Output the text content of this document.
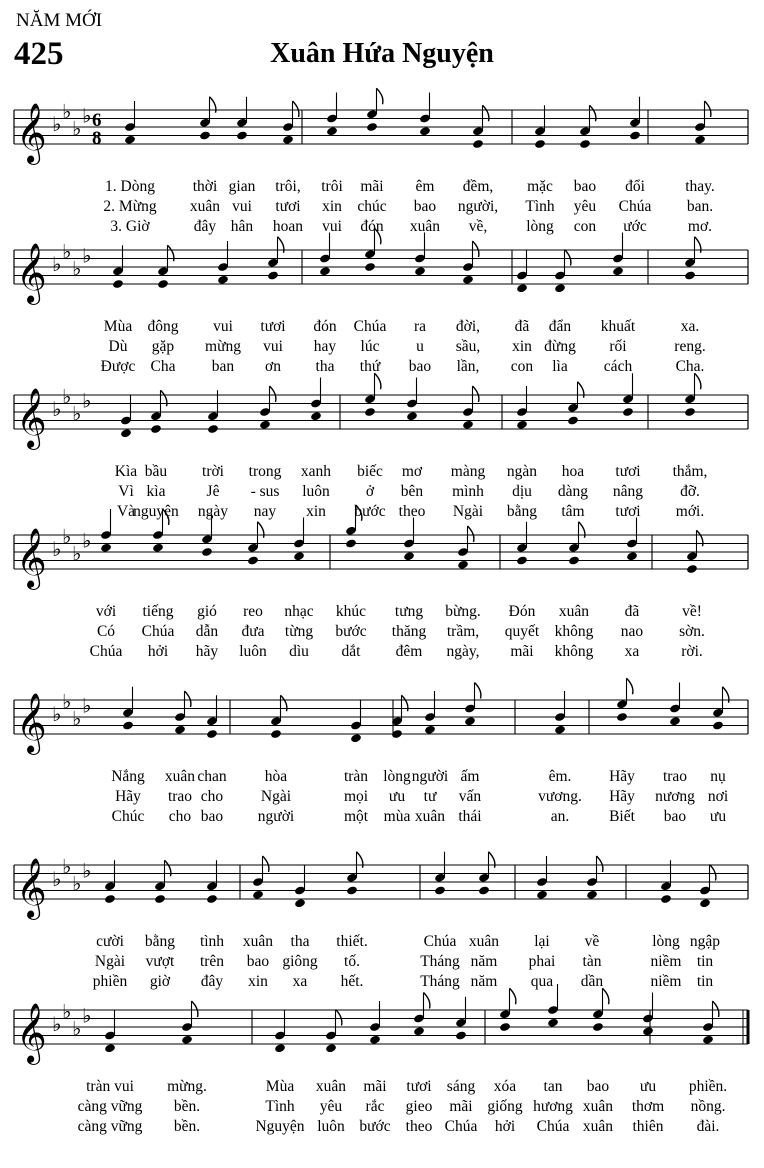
NĂM MỚI
425	Xuân Hứa Nguyện
𝄞 ♭
♭
♭
♭ 6
8
1. Dòng thời gian trôi, trôi mãi êm đềm, mặc bao đổi	thay.
2. Mừng xuân vui tươi xin chúc bao người, Tình yêu Chúa ban.
3. Giờ	đây hân hoan vui đón xuân về,	lòng con ước	mơ.
𝄞 ♭
♭
♭
♭
Mùa đông vui tươi đón Chúa ra đời, đã đẩn khuất	xa.
Dù gặp mừng vui hay lúc u sầu, xin đừng rối	reng.
Được Cha ban ơn tha thứ bao lần, con lìa cách	Cha.
𝄞 ♭
♭
♭
♭
Kìa bầu trời trong xanh biếc mơ màng ngàn hoa tươi thắm,
Vì kìa	Jê - sus luôn ở bên mình dịu dàng nâng đỡ.
Và
nguyện ngày nay xin bước theo Ngài bằng tâm tươi mới.
𝄞 ♭
♭
♭
♭
với tiếng gió reo nhạc khúc tưng bừng. Đón xuân đã	về!
Có Chúa dẫn đưa từng bước thăng trầm, quyết không nao sờn.
Chúa hởi hãy luôn dìu dắt đêm ngày, mãi không xa	rời.
𝄞 ♭
♭
♭
♭
Nắng xuân chan hòa	tràn lòng người ấm	êm. Hãy trao nụ
Hãy trao cho Ngài	mọi ưu tư vấn	vương. Hãy nương nơi
Chúc cho bao người	một mùa xuân thái	an.	Biết bao ưu
𝄞 ♭
♭
♭
♭
cười bằng tình xuân tha thiết.	Chúa xuân lại về	lòng ngập
Ngài vượt trên bao giông tố.	Tháng năm phai tàn	niềm tin
phiền giờ đây xin xa hết.	Tháng năm qua dần	niềm tin
𝄞 ♭
♭
♭
♭
tràn vui mừng.	Mùa xuân mãi tươi sáng xóa tan bao ưu phiền.
càng vững bền.	Tình yêu rắc gieo mãi giống hương xuân thơm nồng.
càng vững bền.	Nguyện luôn bước theo Chúa hởi Chúa xuân thiên đài.
